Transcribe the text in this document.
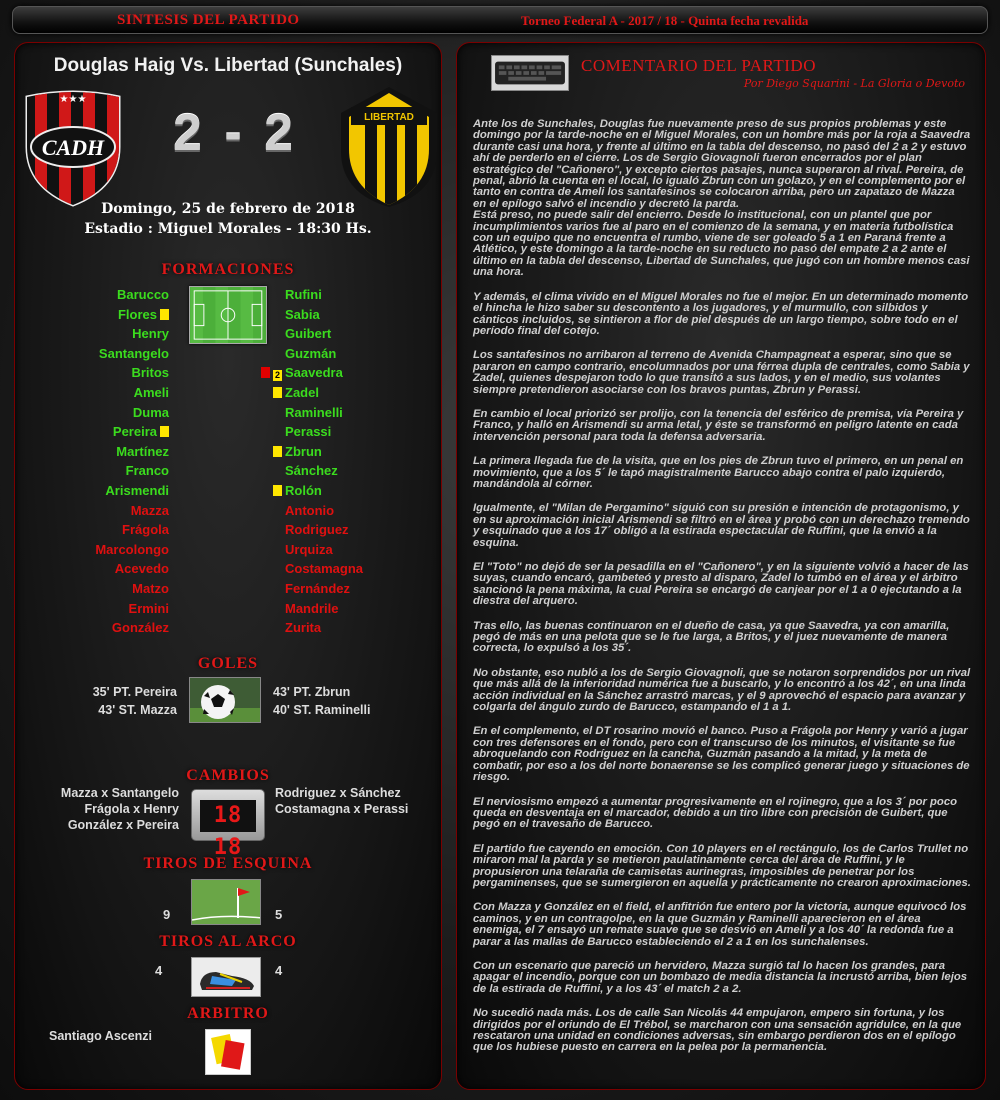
SINTESIS DEL PARTIDO	Torneo Federal A - 2017 / 18 - Quinta fecha revalida
Douglas Haig Vs. Libertad (Sunchales)
CADH
★★★
2 - 2
C. D.
LIBERTAD
Domingo, 25 de febrero de 2018
Estadio : Miguel Morales - 18:30 Hs.
FORMACIONES
Barucco
Flores
Henry
Santangelo
Britos
Ameli
Duma
Pereira
Martínez
Franco
Arismendi
Mazza
Frágola
Marcolongo
Acevedo
Matzo
Ermini
González
Rufini
Sabia
Guibert
Guzmán
2 Saavedra
Zadel
Raminelli
Perassi
Zbrun
Sánchez
Rolón
Antonio
Rodriguez
Urquiza
Costamagna
Fernández
Mandrile
Zurita
GOLES
35' PT. Pereira
43' ST. Mazza
43' PT. Zbrun
40' ST. Raminelli
CAMBIOS
Mazza x Santangelo
Frágola x Henry
González x Pereira	18 18
Rodriguez x Sánchez
Costamagna x Perassi
TIROS DE ESQUINA
9	5
TIROS AL ARCO
4	4
ARBITRO
Santiago Ascenzi
COMENTARIO DEL PARTIDO
Por Diego Squarini - La Gloria o Devoto

Ante los de Sunchales, Douglas fue nuevamente preso de sus propios problemas y este domingo por la tarde-noche en el Miguel Morales, con un hombre más por la roja a Saavedra durante casi una hora, y frente al último en la tabla del descenso, no pasó del 2 a 2 y estuvo ahí de perderlo en el cierre. Los de Sergio Giovagnoli fueron encerrados por el plan estratégico del "Cañonero", y excepto ciertos pasajes, nunca superaron al rival. Pereira, de penal, abrió la cuenta en el local, lo igualó Zbrun con un golazo, y en el complemento por el tanto en contra de Ameli los santafesinos se colocaron arriba, pero un zapatazo de Mazza en el epílogo salvó el incendio y decretó la parda.
Está preso, no puede salir del encierro. Desde lo institucional, con un plantel que por incumplimientos varios fue al paro en el comienzo de la semana, y en materia futbolística con un equipo que no encuentra el rumbo, viene de ser goleado 5 a 1 en Paraná frente a Atlético, y este domingo a la tarde-noche en su reducto no pasó del empate 2 a 2 ante el último en la tabla del descenso, Libertad de Sunchales, que jugó con un hombre menos casi una hora.

Y además, el clima vivido en el Miguel Morales no fue el mejor. En un determinado momento el hincha le hizo saber su descontento a los jugadores, y el murmullo, con silbidos y cánticos incluidos, se sintieron a flor de piel después de un largo tiempo, sobre todo en el período final del cotejo.

Los santafesinos no arribaron al terreno de Avenida Champagneat a esperar, sino que se pararon en campo contrario, encolumnados por una férrea dupla de centrales, como Sabia y Zadel, quienes despejaron todo lo que transitó a sus lados, y en el medio, sus volantes siempre pretendieron asociarse con los bravos puntas, Zbrun y Perassi.

En cambio el local priorizó ser prolijo, con la tenencia del esférico de premisa, vía Pereira y Franco, y halló en Arismendi su arma letal, y éste se transformó en peligro latente en cada intervención personal para toda la defensa adversaria.

La primera llegada fue de la visita, que en los pies de Zbrun tuvo el primero, en un penal en movimiento, que a los 5´ le tapó magistralmente Barucco abajo contra el palo izquierdo, mandándola al córner.

Igualmente, el "Milan de Pergamino" siguió con su presión e intención de protagonismo, y en su aproximación inicial Arismendi se filtró en el área y probó con un derechazo tremendo y esquinado que a los 17´ obligó a la estirada espectacular de Ruffini, que la envió a la esquina.

El "Toto" no dejó de ser la pesadilla en el "Cañonero", y en la siguiente volvió a hacer de las suyas, cuando encaró, gambeteó y presto al disparo, Zadel lo tumbó en el área y el árbitro sancionó la pena máxima, la cual Pereira se encargó de canjear por el 1 a 0 ejecutando a la diestra del arquero.

Tras ello, las buenas continuaron en el dueño de casa, ya que Saavedra, ya con amarilla, pegó de más en una pelota que se le fue larga, a Britos, y el juez nuevamente de manera correcta, lo expulsó a los 35´.

No obstante, eso nubló a los de Sergio Giovagnoli, que se notaron sorprendidos por un rival que más allá de la inferioridad numérica fue a buscarlo, y lo encontró a los 42´, en una linda acción individual en la Sánchez arrastró marcas, y el 9 aprovechó el espacio para avanzar y colgarla del ángulo zurdo de Barucco, estampando el 1 a 1.

En el complemento, el DT rosarino movió el banco. Puso a Frágola por Henry y varió a jugar con tres defensores en el fondo, pero con el transcurso de los minutos, el visitante se fue abroquelando con Rodríguez en la cancha, Guzmán pasando a la mitad, y la meta de combatir, por eso a los del norte bonaerense se les complicó generar juego y situaciones de riesgo.

El nerviosismo empezó a aumentar progresivamente en el rojinegro, que a los 3´ por poco queda en desventaja en el marcador, debido a un tiro libre con precisión de Guibert, que pegó en el travesaño de Barucco.

El partido fue cayendo en emoción. Con 10 players en el rectángulo, los de Carlos Trullet no miraron mal la parda y se metieron paulatinamente cerca del área de Ruffini, y le propusieron una telaraña de camisetas aurinegras, imposibles de penetrar por los pergaminenses, que se sumergieron en aquella y prácticamente no crearon aproximaciones.

Con Mazza y González en el field, el anfitrión fue entero por la victoria, aunque equivocó los caminos, y en un contragolpe, en la que Guzmán y Raminelli aparecieron en el área enemiga, el 7 ensayó un remate suave que se desvió en Ameli y a los 40´ la redonda fue a parar a las mallas de Barucco estableciendo el 2 a 1 en los sunchalenses.

Con un escenario que pareció un hervidero, Mazza surgió tal lo hacen los grandes, para apagar el incendio, porque con un bombazo de media distancia la incrustó arriba, bien lejos de la estirada de Ruffini, y a los 43´ el match 2 a 2.

No sucedió nada más. Los de calle San Nicolás 44 empujaron, empero sin fortuna, y los dirigidos por el oriundo de El Trébol, se marcharon con una sensación agridulce, en la que rescataron una unidad en condiciones adversas, sin embargo perdieron dos en el epílogo que los hubiese puesto en carrera en la pelea por la permanencia.
